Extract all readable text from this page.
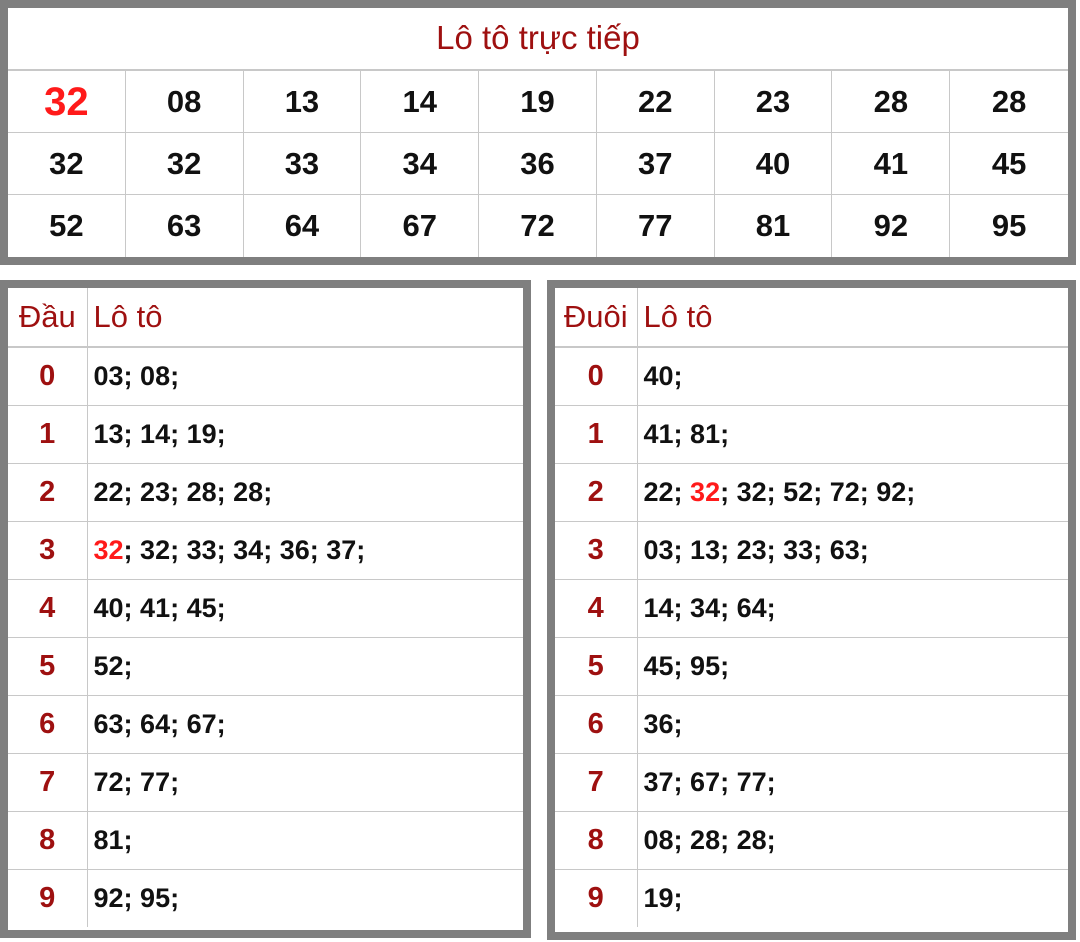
Lô tô trực tiếp
32	08	13	14	19	22	23	28	28
32	32	33	34	36	37	40	41	45
52	63	64	67	72	77	81	92	95
Đầu	Lô tô
0	03; 08;
1	13; 14; 19;
2	22; 23; 28; 28;
3	32; 32; 33; 34; 36; 37;
4	40; 41; 45;
5	52;
6	63; 64; 67;
7	72; 77;
8	81;
9	92; 95;
Đuôi	Lô tô
0	40;
1	41; 81;
2	22; 32; 32; 52; 72; 92;
3	03; 13; 23; 33; 63;
4	14; 34; 64;
5	45; 95;
6	36;
7	37; 67; 77;
8	08; 28; 28;
9	19;
